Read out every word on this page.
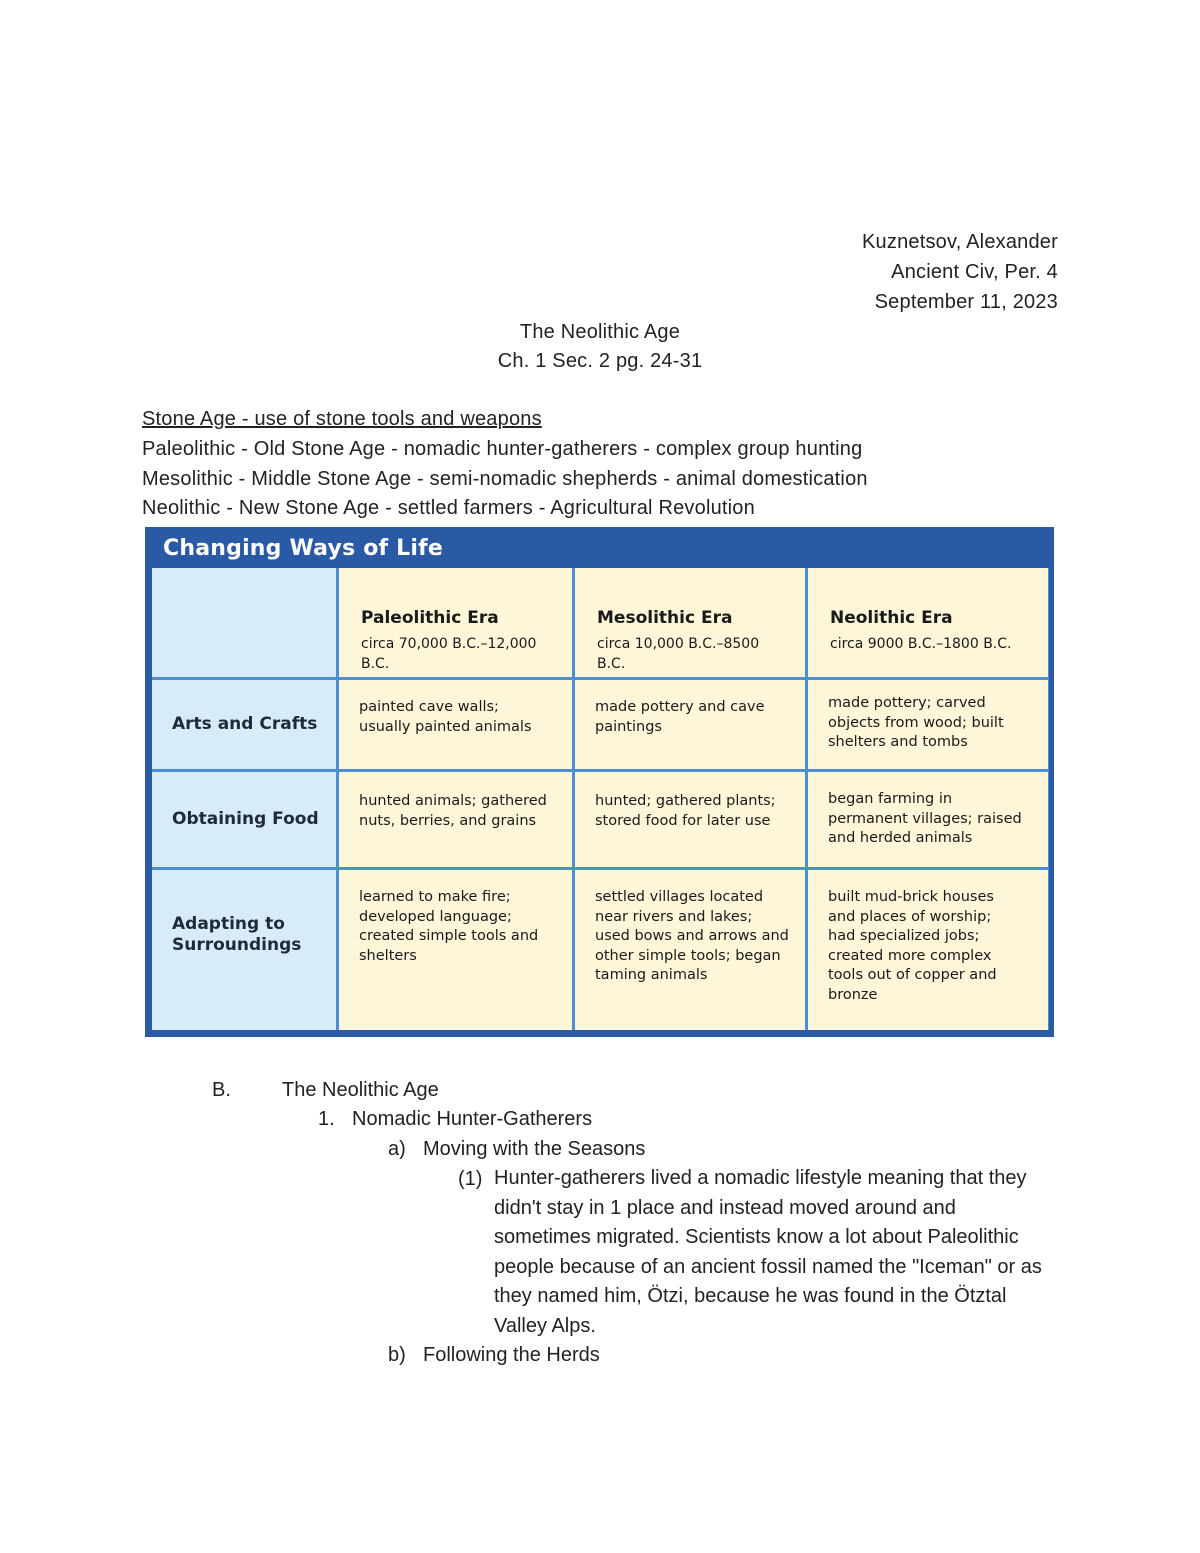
Kuznetsov, Alexander
Ancient Civ, Per. 4
September 11, 2023
The Neolithic Age
Ch. 1 Sec. 2 pg. 24-31
Stone Age - use of stone tools and weapons
Paleolithic - Old Stone Age - nomadic hunter-gatherers - complex group hunting
Mesolithic - Middle Stone Age - semi-nomadic shepherds - animal domestication
Neolithic - New Stone Age - settled farmers - Agricultural Revolution
Changing Ways of Life
Paleolithic Era
circa 70,000 B.C.–12,000 B.C.
Mesolithic Era
circa 10,000 B.C.–8500 B.C.
Neolithic Era
circa 9000 B.C.–1800 B.C.
Arts and Crafts
painted cave walls; usually painted animals
made pottery and cave paintings
made pottery; carved objects from wood; built shelters and tombs
Obtaining Food
hunted animals; gathered nuts, berries, and grains
hunted; gathered plants; stored food for later use
began farming in permanent villages; raised and herded animals
Adapting to Surroundings
learned to make fire; developed language; created simple tools and shelters
settled villages located near rivers and lakes; used bows and arrows and other simple tools; began taming animals
built mud-brick houses and places of worship; had specialized jobs; created more complex tools out of copper and bronze
B.	The Neolithic Age
1. Nomadic Hunter-Gatherers
a) Moving with the Seasons
(1) Hunter-gatherers lived a nomadic lifestyle meaning that they didn't stay in 1 place and instead moved around and sometimes migrated. Scientists know a lot about Paleolithic people because of an ancient fossil named the "Iceman" or as they named him, Ötzi, because he was found in the Ötztal Valley Alps.
b) Following the Herds
